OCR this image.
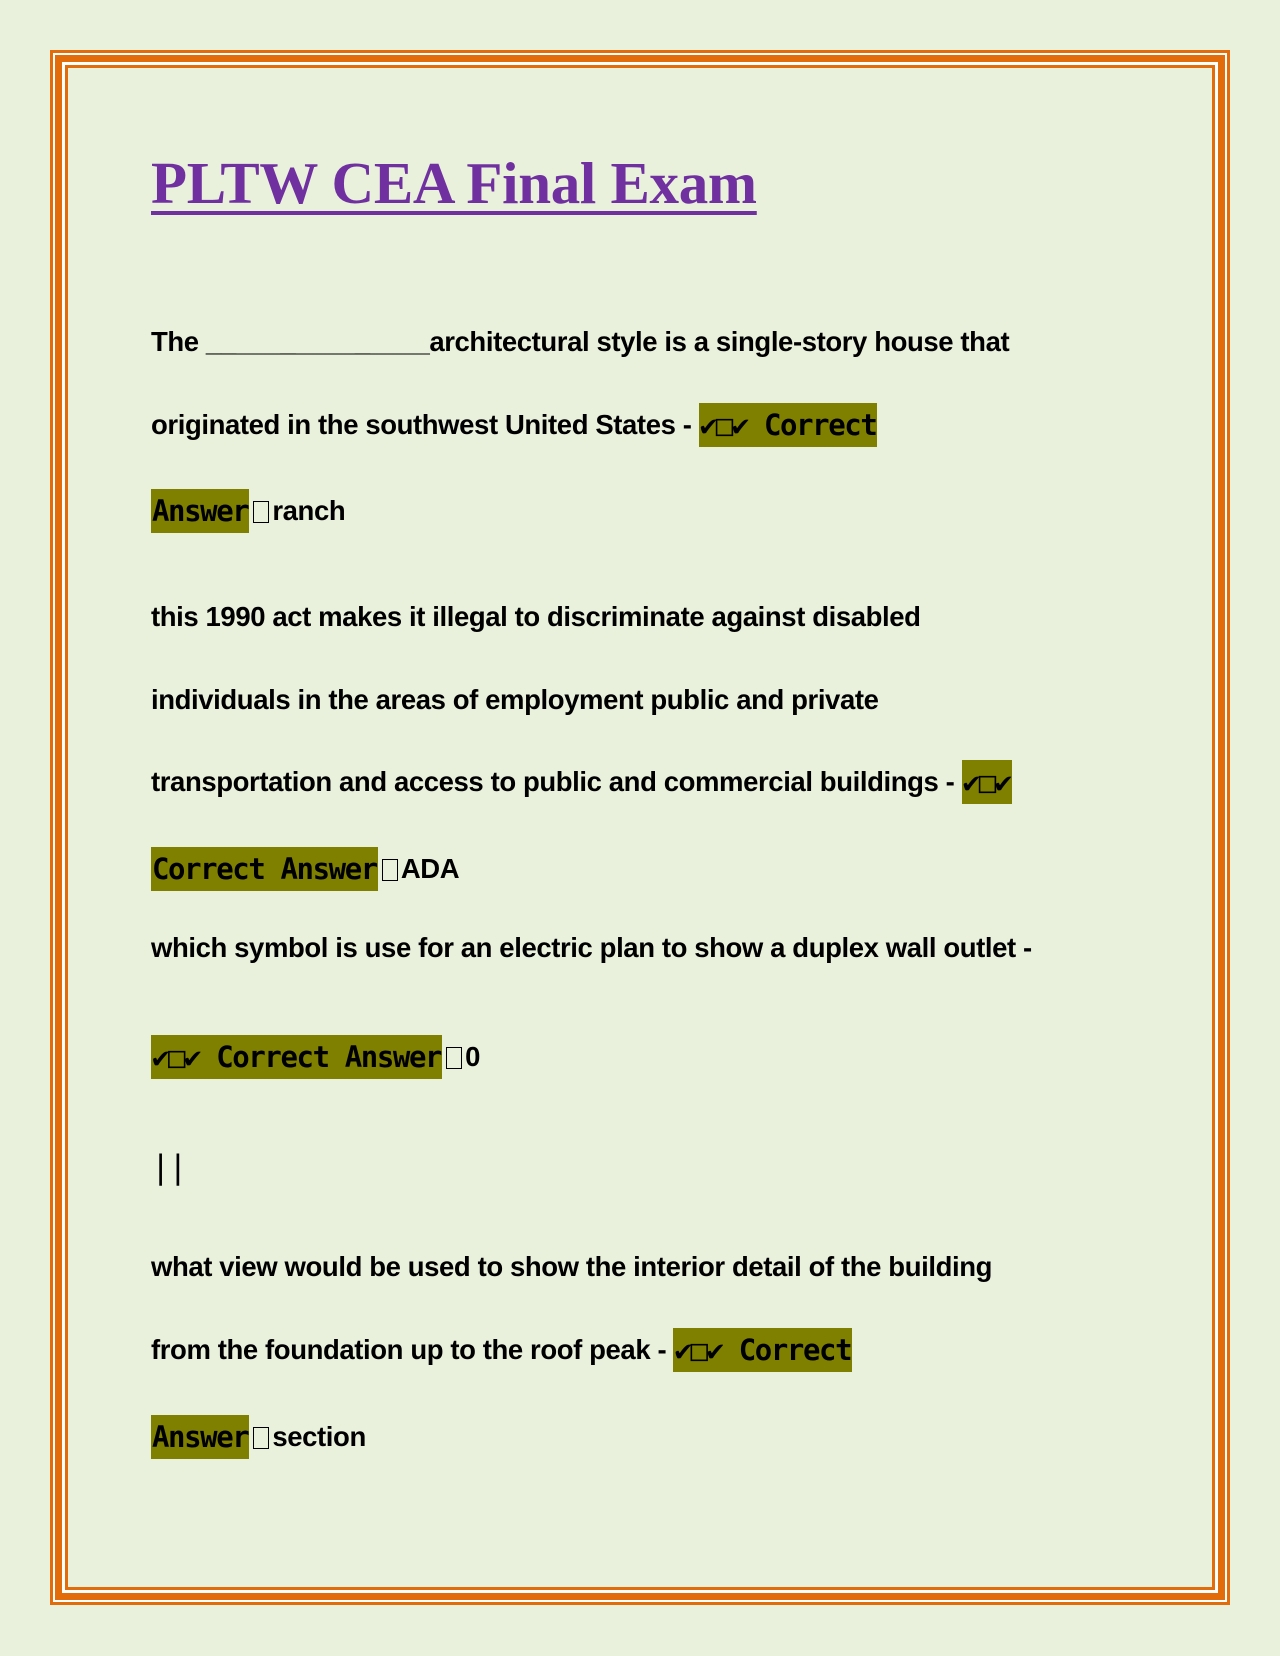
PLTW CEA Final Exam
The _______________architectural style is a single-story house that
originated in the southwest United States - ✔□✔ Correct
Answer ranch
this 1990 act makes it illegal to discriminate against disabled
individuals in the areas of employment public and private
transportation and access to public and commercial buildings - ✔□✔
Correct Answer ADA
which symbol is use for an electric plan to show a duplex wall outlet -
✔□✔ Correct Answer 0
||
what view would be used to show the interior detail of the building
from the foundation up to the roof peak - ✔□✔ Correct
Answer section
